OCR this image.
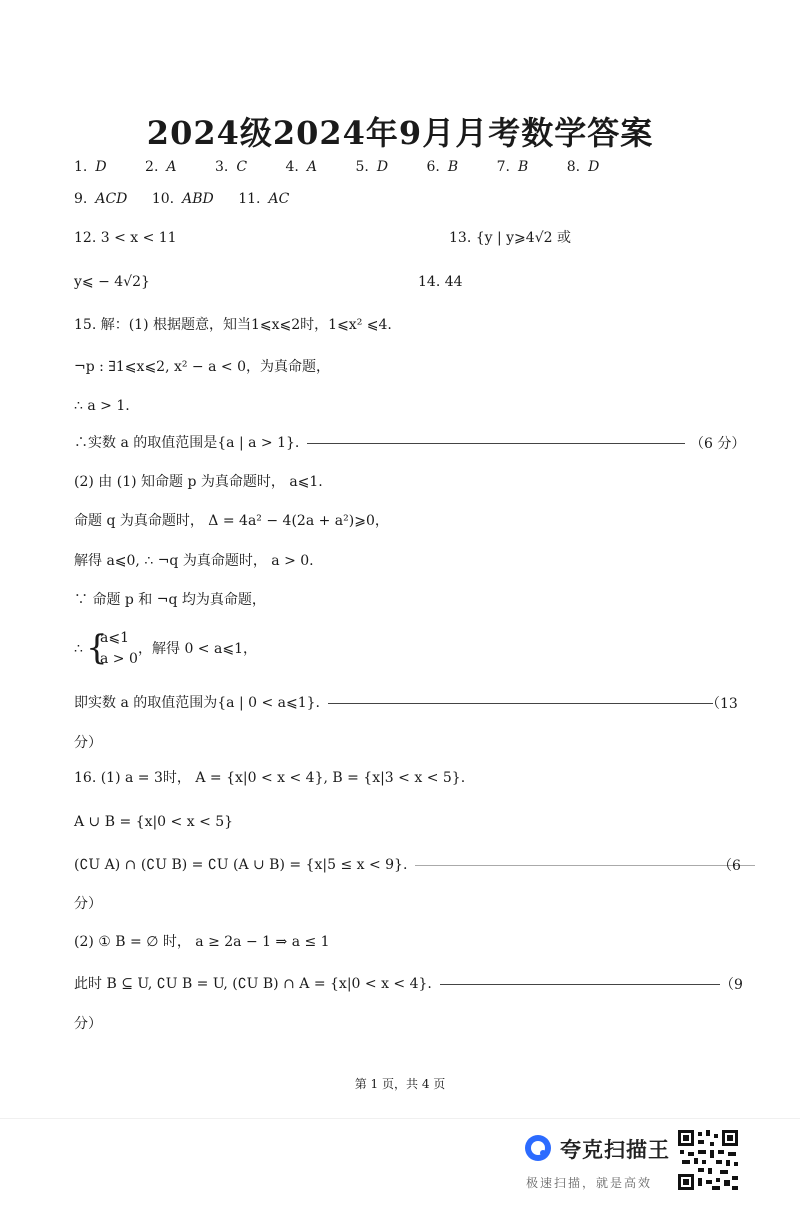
2024级2024年9月月考数学答案
1. D	2. A	3. C	4. A	5. D	6. B	7. B	8. D
9. ACD 10. ABD 11. AC
12. 3 < x < 11	13. {y | y⩾4√2 或
y⩽ − 4√2}	14. 44
15. 解：(1) 根据题意，知当1⩽x⩽2时，1⩽x² ⩽4.
¬p : ∃1⩽x⩽2, x² − a < 0，为真命题，
∴ a > 1.
∴实数 a 的取值范围是{a | a > 1}.	（6 分）
(2) 由 (1) 知命题 p 为真命题时， a⩽1.
命题 q 为真命题时， Δ = 4a² − 4(2a + a²)⩾0，
解得 a⩽0, ∴ ¬q 为真命题时， a > 0.
∵ 命题 p 和 ¬q 均为真命题，
∴ {
a⩽1
a > 0
，解得 0 < a⩽1，
即实数 a 的取值范围为{a | 0 < a⩽1}.	（13
分）
16. (1) a = 3时， A = {x|0 < x < 4}, B = {x|3 < x < 5}.
A ∪ B = {x|0 < x < 5}
(∁U A) ∩ (∁U B) = ∁U (A ∪ B) = {x|5 ≤ x < 9}.	（6
分）
(2) ① B = ∅ 时， a ≥ 2a − 1 ⇒ a ≤ 1
此时 B ⊆ U, ∁U B = U, (∁U B) ∩ A = {x|0 < x < 4}.	（9
分）
第 1 页，共 4 页
夸克扫描王
极速扫描，就是高效
